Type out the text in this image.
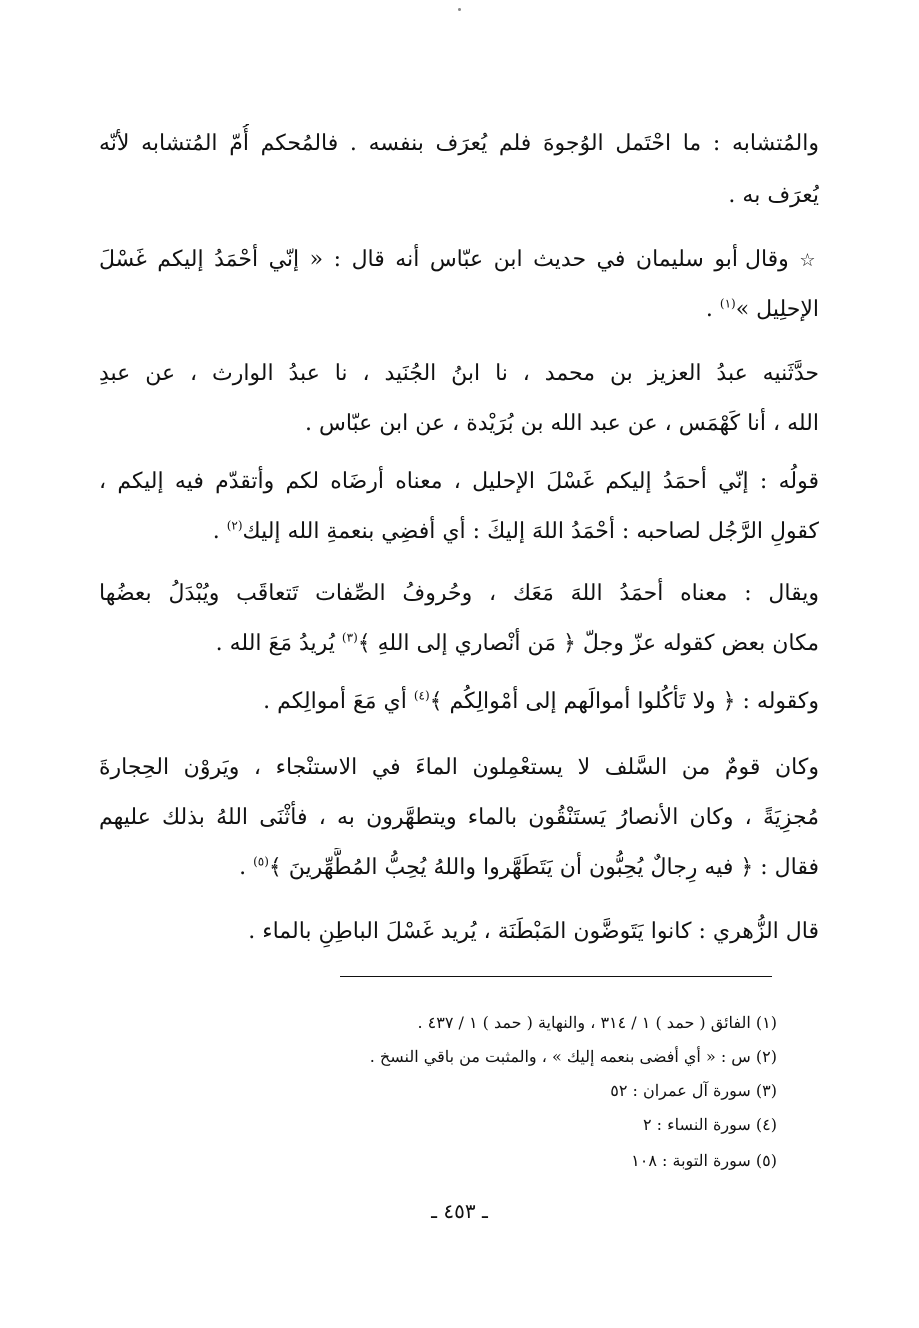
والمُتشابه : ما احْتَمل الوُجوهَ فلم يُعرَف بنفسه . فالمُحكم أُمّ المُتشابه لأنّه
يُعرَف به .
☆ وقال أبو سليمان في حديث ابن عبّاس أنه قال : « إنّي أحْمَدُ إليكم غَسْلَ
الإحلِيل »$^{(١)}$ .
حدَّثَنيه عبدُ العزيز بن محمد ، نا ابنُ الجُنَيد ، نا عبدُ الوارث ، عن عبدِ
الله ، أنا كَهْمَس ، عن عبد الله بن بُرَيْدة ، عن ابن عبّاس .
قولُه : إنّي أحمَدُ إليكم غَسْلَ الإحليل ، معناه أرضَاه لكم وأتقدّم فيه إليكم ،
كقولِ الرَّجُل لصاحبه : أحْمَدُ اللهَ إليكَ : أي أفضِي بنعمةِ الله إليك$^{(٢)}$ .
ويقال : معناه أحمَدُ اللهَ مَعَك ، وحُروفُ الصِّفات تَتعاقَب ويُبْدَلُ بعضُها
مكان بعض كقوله عزّ وجلّ ﴿ مَن أنْصاري إلى اللهِ ﴾$^{(٣)}$ يُريدُ مَعَ الله .
وكقوله : ﴿ ولا تَأكُلوا أموالَهم إلى أمْوالِكُم ﴾$^{(٤)}$ أي مَعَ أموالِكم .
وكان قومٌ من السَّلف لا يستعْمِلون الماءَ في الاستنْجاء ، ويَروْن الحِجارةَ
مُجزِيَةً ، وكان الأنصارُ يَستَنْقُون بالماء ويتطهَّرون به ، فأثْنَى اللهُ بذلك عليهم
فقال : ﴿ فيه رِجالٌ يُحِبُّون أن يَتَطَهَّروا واللهُ يُحِبُّ المُطَّهِّرينَ ﴾$^{(٥)}$ .
قال الزُّهري : كانوا يَتَوضَّون المَبْطَنَة ، يُريد غَسْلَ الباطِنِ بالماء .
(١) الفائق ( حمد ) ١ / ٣١٤ ، والنهاية ( حمد ) ١ / ٤٣٧ .
(٢) س : « أي أفضى بنعمه إليك » ، والمثبت من باقي النسخ .
(٣) سورة آل عمران : ٥٢
(٤) سورة النساء : ٢
(٥) سورة التوبة : ١٠٨
ـ ٤٥٣ ـ
